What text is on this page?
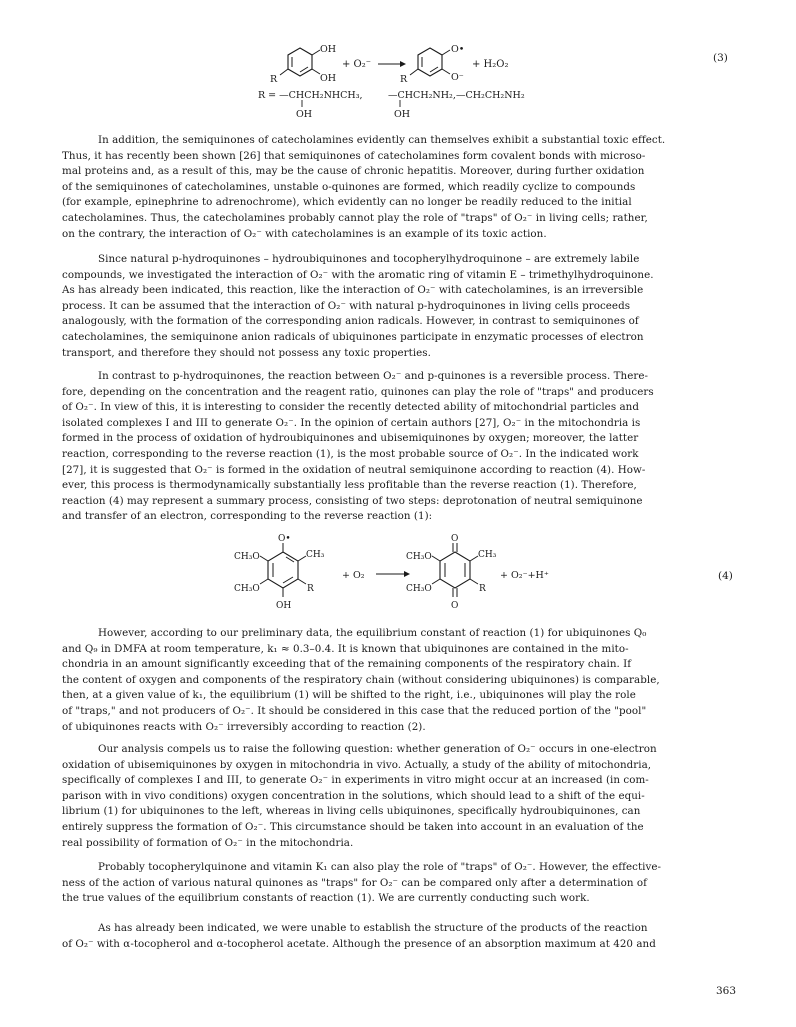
OH
OH
R
+ O₂⁻
O•
O⁻
R
+ H₂O₂
R = —CHCH₂NHCH₃,
OH
—CHCH₂NH₂,
OH
—CH₂CH₂NH₂
(3)

In addition, the semiquinones of catecholamines evidently can themselves exhibit a substantial toxic effect.
Thus, it has recently been shown [26] that semiquinones of catecholamines form covalent bonds with microso-
mal proteins and, as a result of this, may be the cause of chronic hepatitis. Moreover, during further oxidation
of the semiquinones of catecholamines, unstable o-quinones are formed, which readily cyclize to compounds
(for example, epinephrine to adrenochrome), which evidently can no longer be readily reduced to the initial
catecholamines. Thus, the catecholamines probably cannot play the role of "traps" of O₂⁻ in living cells; rather,
on the contrary, the interaction of O₂⁻ with catecholamines is an example of its toxic action.

Since natural p-hydroquinones – hydroubiquinones and tocopherylhydroquinone – are extremely labile
compounds, we investigated the interaction of O₂⁻ with the aromatic ring of vitamin E – trimethylhydroquinone.
As has already been indicated, this reaction, like the interaction of O₂⁻ with catecholamines, is an irreversible
process. It can be assumed that the interaction of O₂⁻ with natural p-hydroquinones in living cells proceeds
analogously, with the formation of the corresponding anion radicals. However, in contrast to semiquinones of
catecholamines, the semiquinone anion radicals of ubiquinones participate in enzymatic processes of electron
transport, and therefore they should not possess any toxic properties.

In contrast to p-hydroquinones, the reaction between O₂⁻ and p-quinones is a reversible process. There-
fore, depending on the concentration and the reagent ratio, quinones can play the role of "traps" and producers
of O₂⁻. In view of this, it is interesting to consider the recently detected ability of mitochondrial particles and
isolated complexes I and III to generate O₂⁻. In the opinion of certain authors [27], O₂⁻ in the mitochondria is
formed in the process of oxidation of hydroubiquinones and ubisemiquinones by oxygen; moreover, the latter
reaction, corresponding to the reverse reaction (1), is the most probable source of O₂⁻. In the indicated work
[27], it is suggested that O₂⁻ is formed in the oxidation of neutral semiquinone according to reaction (4). How-
ever, this process is thermodynamically substantially less profitable than the reverse reaction (1). Therefore,
reaction (4) may represent a summary process, consisting of two steps: deprotonation of neutral semiquinone
and transfer of an electron, corresponding to the reverse reaction (1):

O•
OH
CH₃O
CH₃O
CH₃
R
+ O₂
O
O
CH₃O
CH₃O
CH₃
R
+ O₂⁻+H⁺	(4)

However, according to our preliminary data, the equilibrium constant of reaction (1) for ubiquinones Q₀
and Q₉ in DMFA at room temperature, k₁ ≈ 0.3–0.4. It is known that ubiquinones are contained in the mito-
chondria in an amount significantly exceeding that of the remaining components of the respiratory chain. If
the content of oxygen and components of the respiratory chain (without considering ubiquinones) is comparable,
then, at a given value of k₁, the equilibrium (1) will be shifted to the right, i.e., ubiquinones will play the role
of "traps," and not producers of O₂⁻. It should be considered in this case that the reduced portion of the "pool"
of ubiquinones reacts with O₂⁻ irreversibly according to reaction (2).

Our analysis compels us to raise the following question: whether generation of O₂⁻ occurs in one-electron
oxidation of ubisemiquinones by oxygen in mitochondria in vivo. Actually, a study of the ability of mitochondria,
specifically of complexes I and III, to generate O₂⁻ in experiments in vitro might occur at an increased (in com-
parison with in vivo conditions) oxygen concentration in the solutions, which should lead to a shift of the equi-
librium (1) for ubiquinones to the left, whereas in living cells ubiquinones, specifically hydroubiquinones, can
entirely suppress the formation of O₂⁻. This circumstance should be taken into account in an evaluation of the
real possibility of formation of O₂⁻ in the mitochondria.

Probably tocopherylquinone and vitamin K₁ can also play the role of "traps" of O₂⁻. However, the effective-
ness of the action of various natural quinones as "traps" for O₂⁻ can be compared only after a determination of
the true values of the equilibrium constants of reaction (1). We are currently conducting such work.

As has already been indicated, we were unable to establish the structure of the products of the reaction
of O₂⁻ with α-tocopherol and α-tocopherol acetate. Although the presence of an absorption maximum at 420 and

363
